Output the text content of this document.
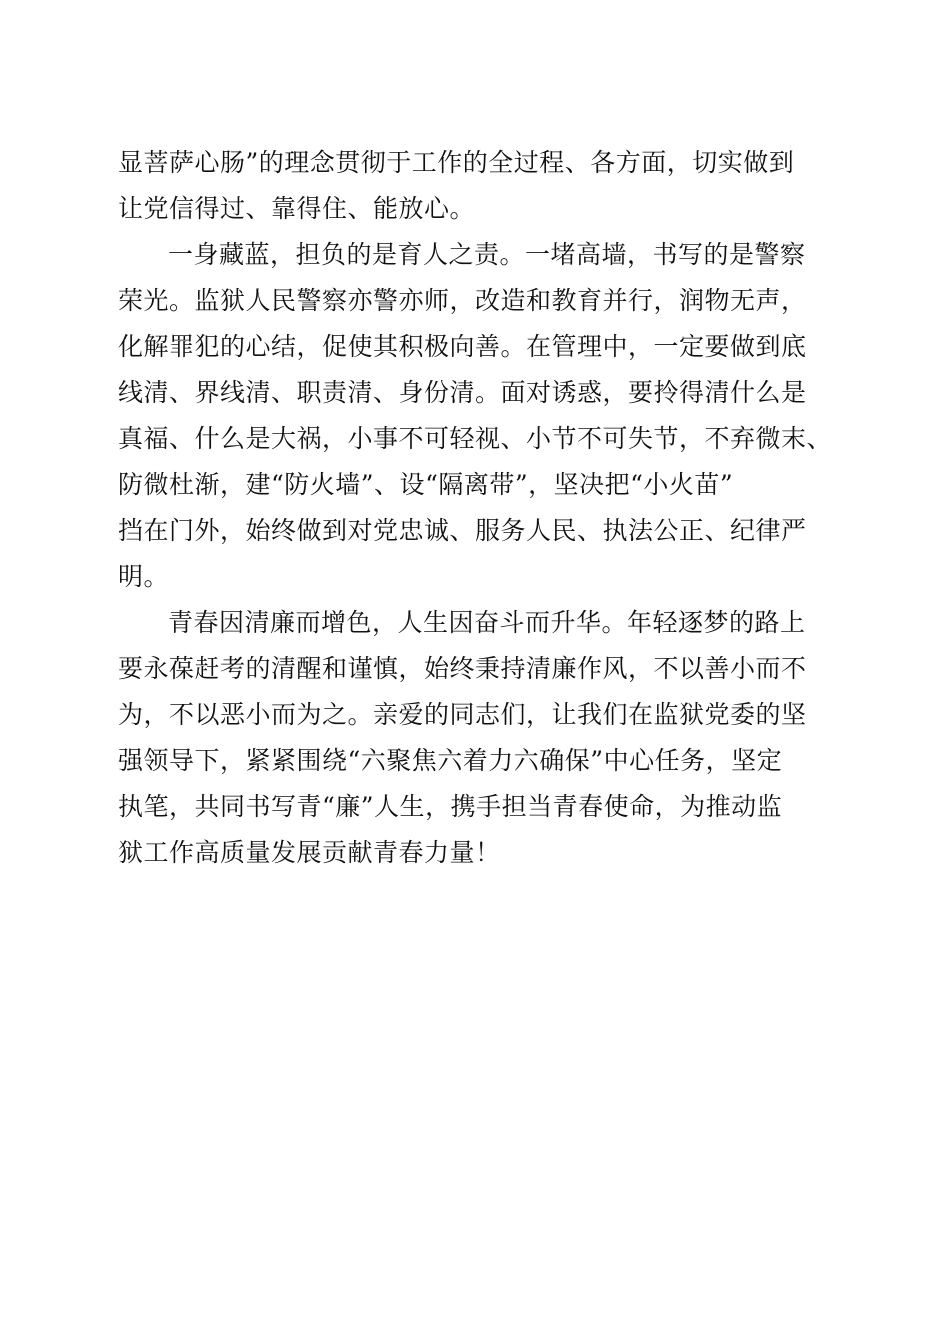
显菩萨心肠”的理念贯彻于工作的全过程、各方面，切实做到
让党信得过、靠得住、能放心。
一身藏蓝，担负的是育人之责。一堵高墙，书写的是警察
荣光。监狱人民警察亦警亦师，改造和教育并行，润物无声，
化解罪犯的心结，促使其积极向善。在管理中，一定要做到底
线清、界线清、职责清、身份清。面对诱惑，要拎得清什么是
真福、什么是大祸，小事不可轻视、小节不可失节，不弃微末、
防微杜渐，建“防火墙”、设“隔离带”，坚决把“小火苗”
挡在门外，始终做到对党忠诚、服务人民、执法公正、纪律严
明。
青春因清廉而增色，人生因奋斗而升华。年轻逐梦的路上
要永葆赶考的清醒和谨慎，始终秉持清廉作风，不以善小而不
为，不以恶小而为之。亲爱的同志们，让我们在监狱党委的坚
强领导下，紧紧围绕“六聚焦六着力六确保”中心任务，坚定
执笔，共同书写青“廉”人生，携手担当青春使命，为推动监
狱工作高质量发展贡献青春力量！
